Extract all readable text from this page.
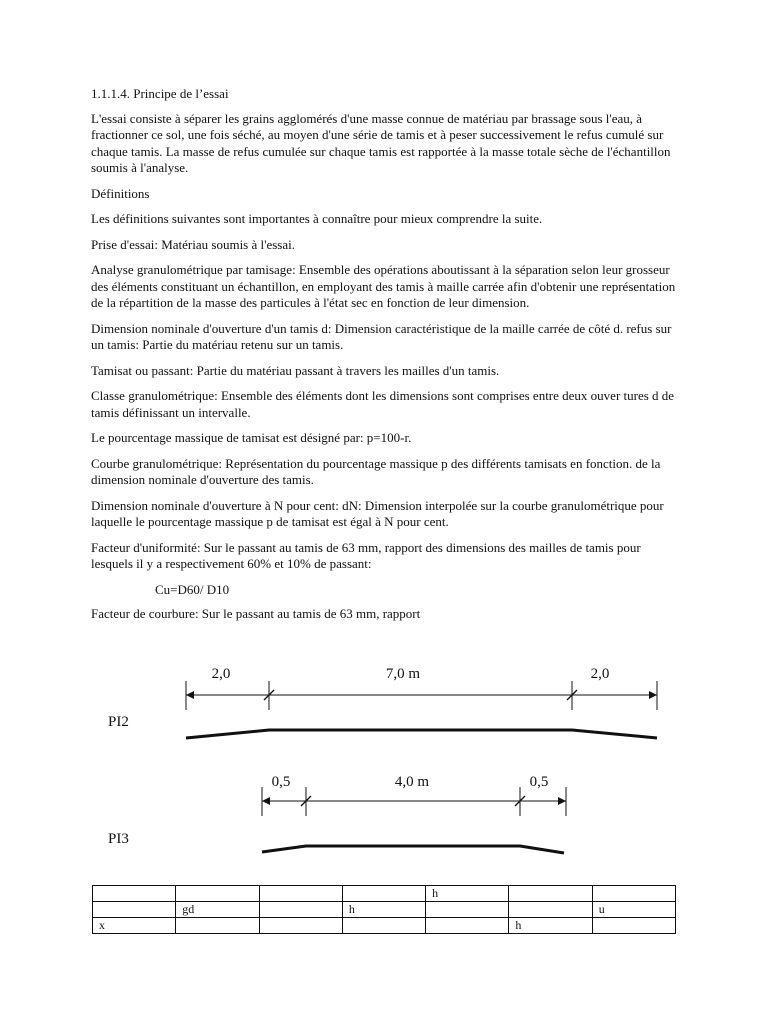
1.1.1.4. Principe de l’essai

L'essai consiste à séparer les grains agglomérés d'une masse connue de matériau par brassage sous l'eau, à fractionner ce sol, une fois séché, au moyen d'une série de tamis et à peser successivement le refus cumulé sur chaque tamis. La masse de refus cumulée sur chaque tamis est rapportée à la masse totale sèche de l'échantillon soumis à l'analyse.

Définitions

Les définitions suivantes sont importantes à connaître pour mieux comprendre la suite.

Prise d'essai: Matériau soumis à l'essai.

Analyse granulométrique par tamisage: Ensemble des opérations aboutissant à la séparation selon leur grosseur des éléments constituant un échantillon, en employant des tamis à maille carrée afin d'obtenir une représentation de la répartition de la masse des particules à l'état sec en fonction de leur dimension.

Dimension nominale d'ouverture d'un tamis d: Dimension caractéristique de la maille carrée de côté d. refus sur un tamis: Partie du matériau retenu sur un tamis.

Tamisat ou passant: Partie du matériau passant à travers les mailles d'un tamis.

Classe granulométrique: Ensemble des éléments dont les dimensions sont comprises entre deux ouver tures d de tamis définissant un intervalle.

Le pourcentage massique de tamisat est désigné par: p=100-r.

Courbe granulométrique: Représentation du pourcentage massique p des différents tamisats en fonction. de la dimension nominale d'ouverture des tamis.

Dimension nominale d'ouverture à N pour cent: dN: Dimension interpolée sur la courbe granulométrique pour laquelle le pourcentage massique p de tamisat est égal à N pour cent.

Facteur d'uniformité: Sur le passant au tamis de 63 mm, rapport des dimensions des mailles de tamis pour lesquels il y a respectivement 60% et 10% de passant:

Cu=D60/ D10

Facteur de courbure: Sur le passant au tamis de 63 mm, rapport

PI2
2,0	7,0 m	2,0
PI3
0,5	4,0 m	0,5
				h		
	gd		h			u
x					h	
